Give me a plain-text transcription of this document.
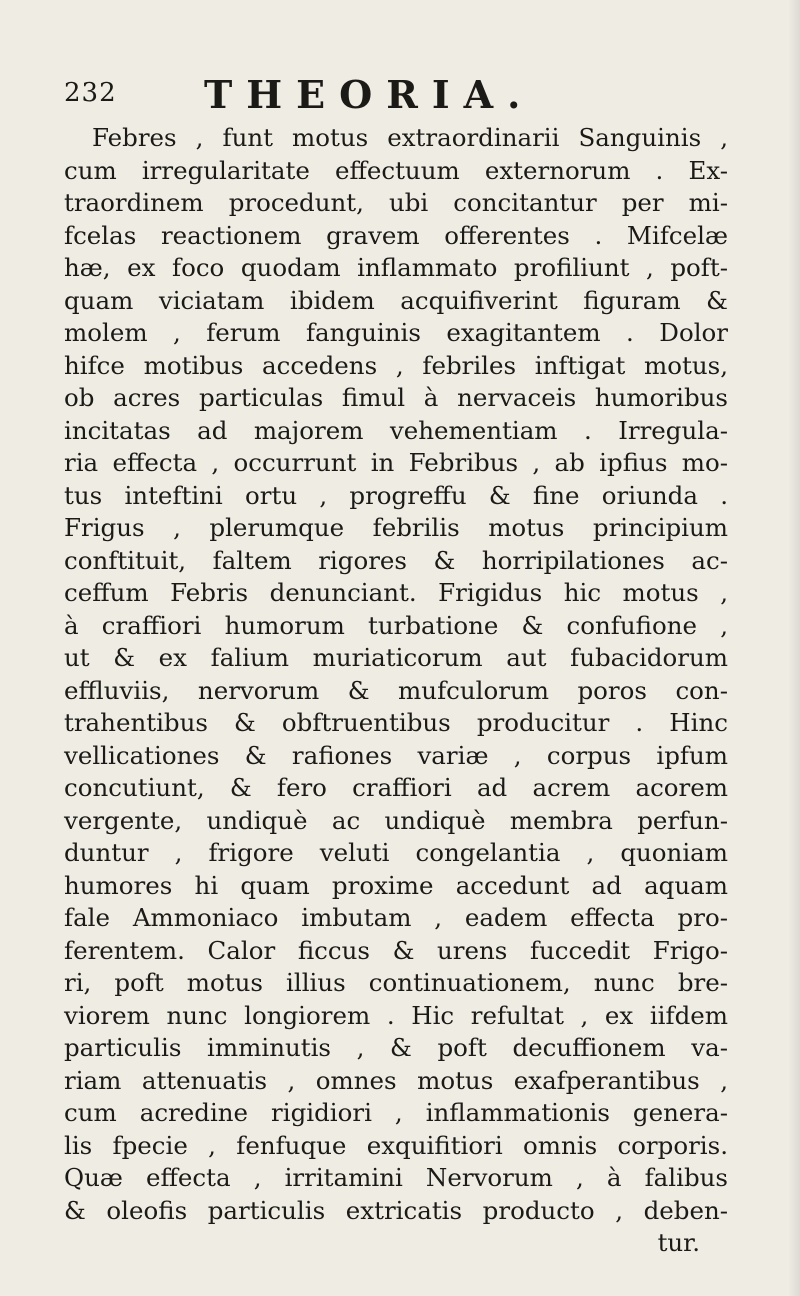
232 THEORIA.
Febres , funt motus extraordinarii Sanguinis ,
cum irregularitate effectuum externorum . Ex-
traordinem procedunt, ubi concitantur per mi-
fcelas reactionem gravem offerentes . Mifcelæ
hæ, ex foco quodam inflammato profiliunt , poft-
quam viciatam ibidem acquifiverint figuram &
molem , ferum fanguinis exagitantem . Dolor
hifce motibus accedens , febriles inftigat motus,
ob acres particulas fimul à nervaceis humoribus
incitatas ad majorem vehementiam . Irregula-
ria effecta , occurrunt in Febribus , ab ipfius mo-
tus inteftini ortu , progreffu & fine oriunda .
Frigus , plerumque febrilis motus principium
conftituit, faltem rigores & horripilationes ac-
ceffum Febris denunciant. Frigidus hic motus ,
à craffiori humorum turbatione & confufione ,
ut & ex falium muriaticorum aut fubacidorum
effluviis, nervorum & mufculorum poros con-
trahentibus & obftruentibus producitur . Hinc
vellicationes & rafiones variæ , corpus ipfum
concutiunt, & fero craffiori ad acrem acorem
vergente, undiquè ac undiquè membra perfun-
duntur , frigore veluti congelantia , quoniam
humores hi quam proxime accedunt ad aquam
fale Ammoniaco imbutam , eadem effecta pro-
ferentem. Calor ficcus & urens fuccedit Frigo-
ri, poft motus illius continuationem, nunc bre-
viorem nunc longiorem . Hic refultat , ex iifdem
particulis imminutis , & poft decuffionem va-
riam attenuatis , omnes motus exafperantibus ,
cum acredine rigidiori , inflammationis genera-
lis fpecie , fenfuque exquifitiori omnis corporis.
Quæ effecta , irritamini Nervorum , à falibus
& oleofis particulis extricatis producto , deben-
tur.
